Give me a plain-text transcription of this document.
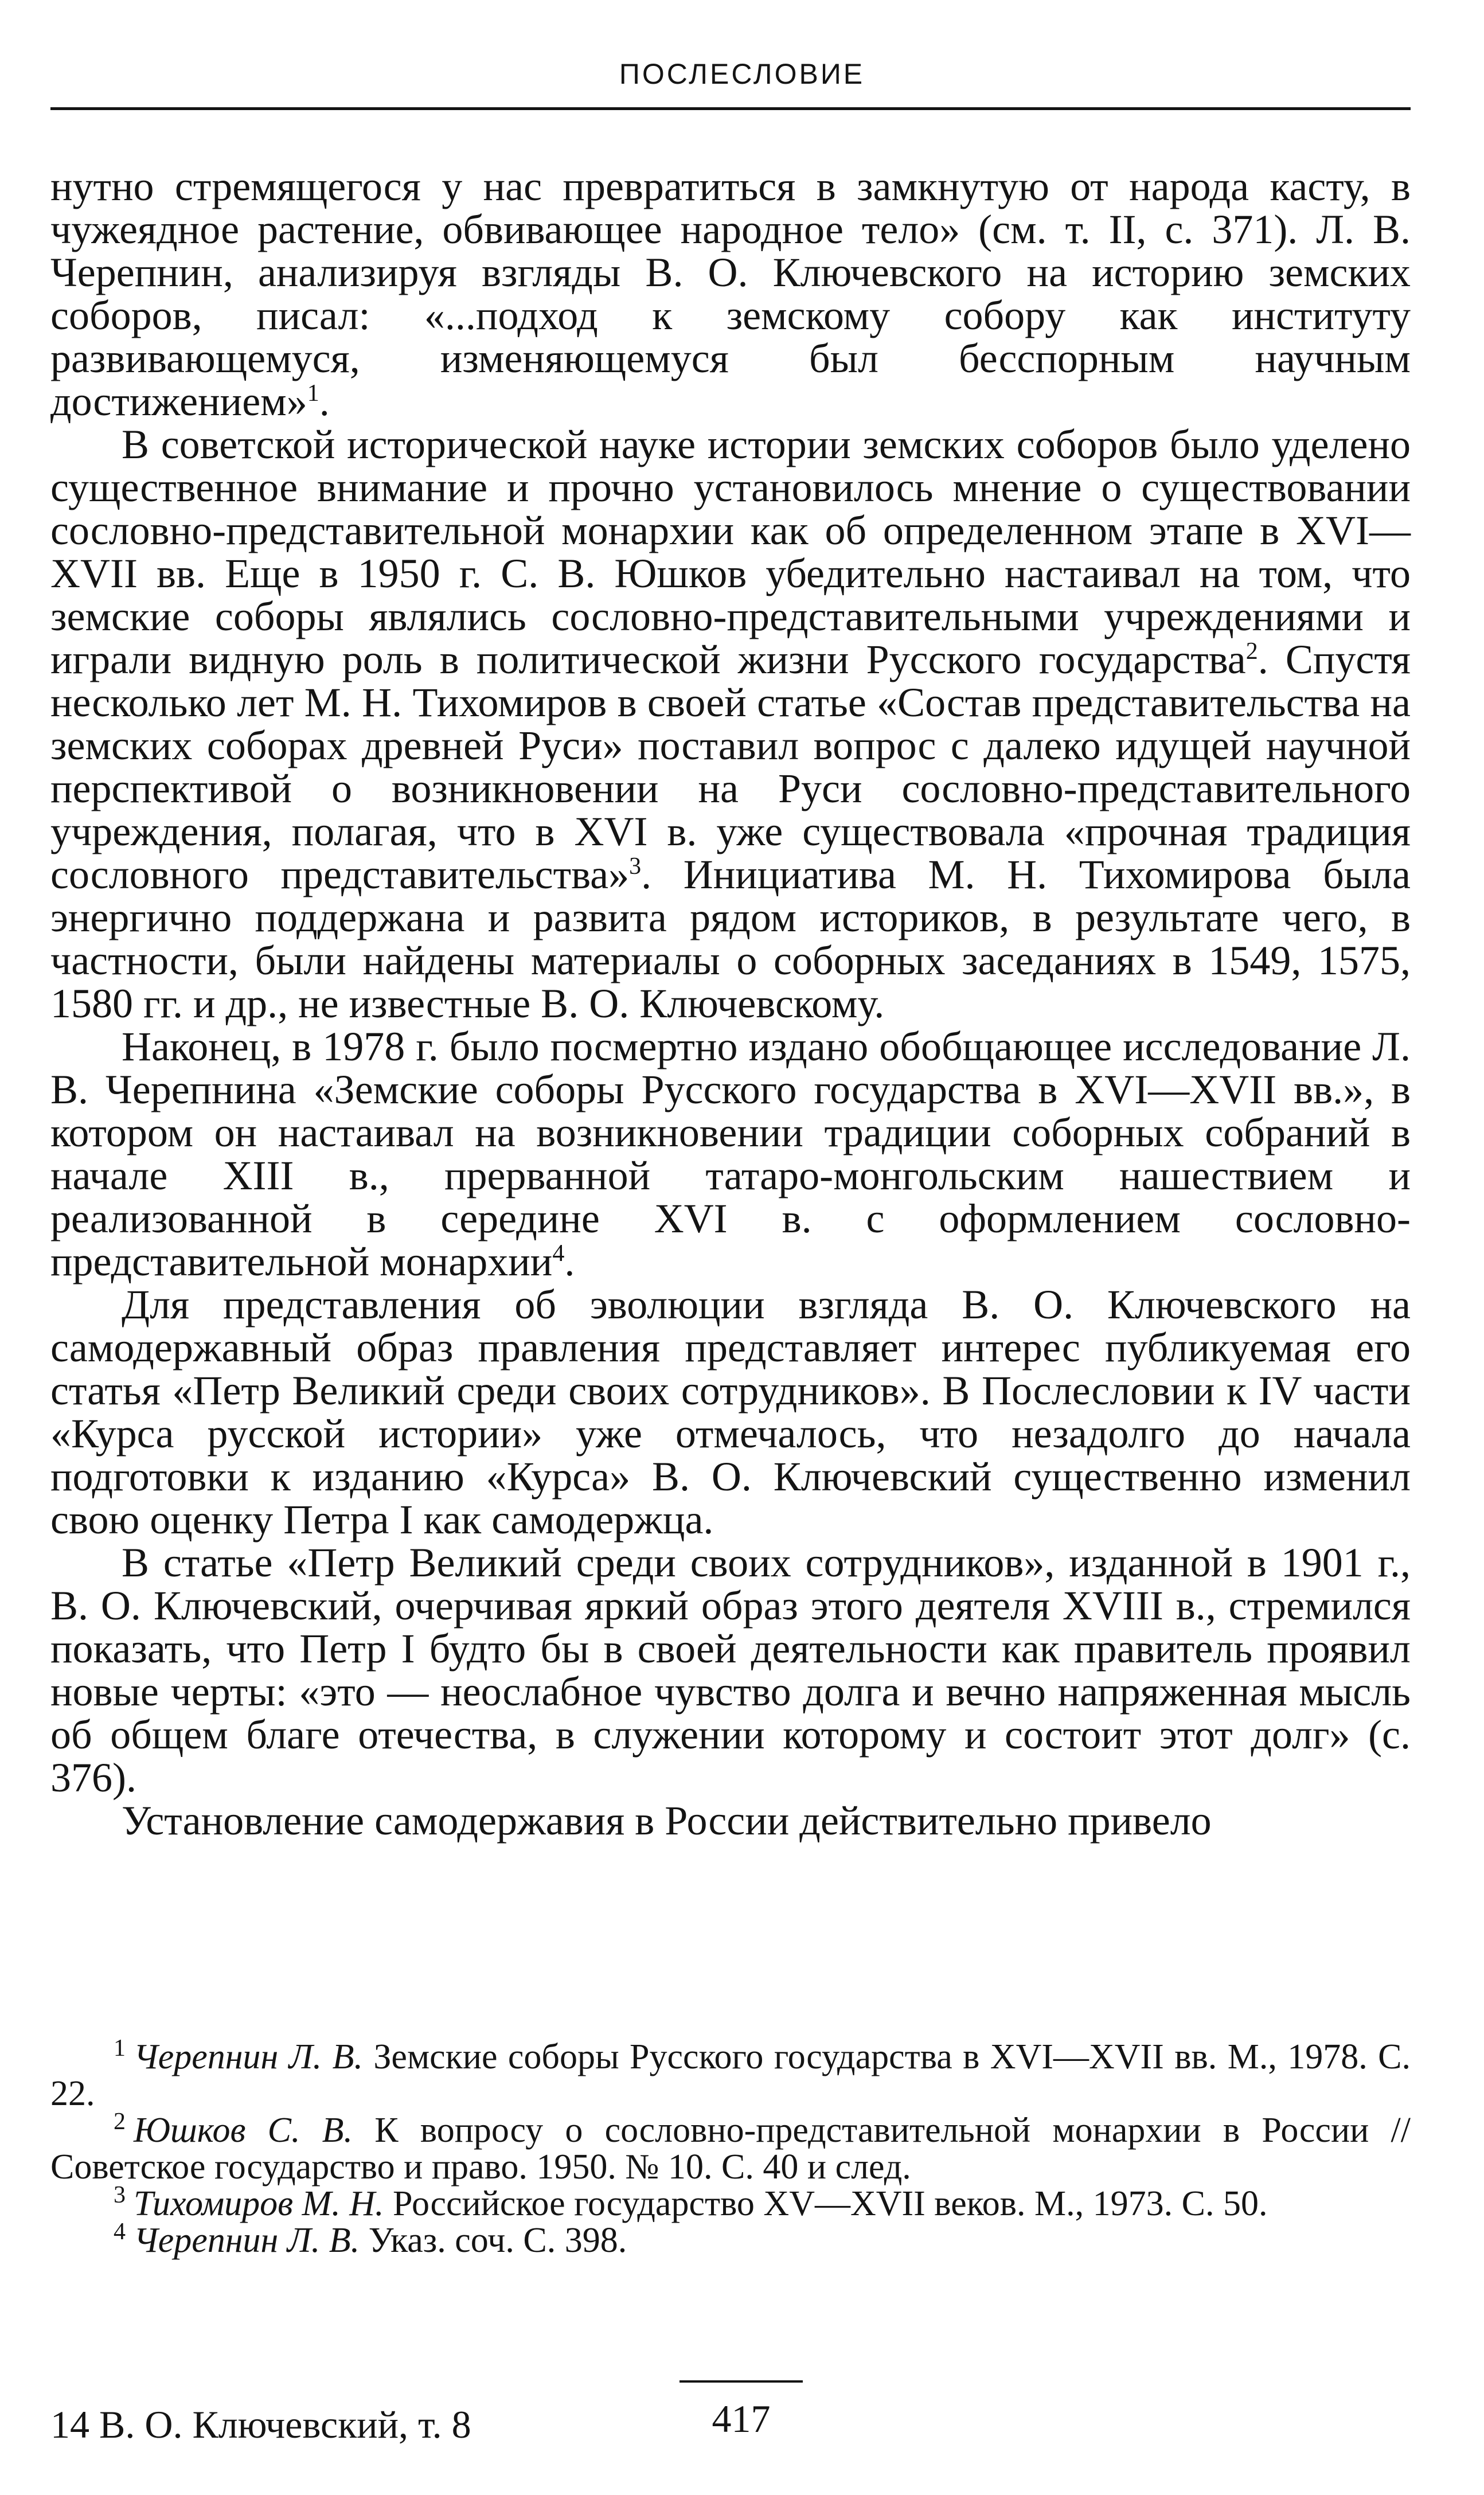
ПОСЛЕСЛОВИЕ

нутно стремящегося у нас превратиться в замкнутую от народа касту, в чужеядное растение, обвивающее народное тело» (см. т. II, с. 371). Л. В. Черепнин, анализируя взгляды В. О. Ключевского на историю земских соборов, писал: «...подход к земскому собору как институту развивающемуся, изменяющемуся был бесспорным научным достижением»$^1$.

В советской исторической науке истории земских соборов было уделено существенное внимание и прочно установилось мнение о существовании сословно-представительной монархии как об определенном этапе в XVI—XVII вв. Еще в 1950 г. С. В. Юшков убедительно настаивал на том, что земские соборы являлись сословно-представительными учреждениями и играли видную роль в политической жизни Русского государства$^2$. Спустя несколько лет М. Н. Тихомиров в своей статье «Состав представительства на земских соборах древней Руси» поставил вопрос с далеко идущей научной перспективой о возникновении на Руси сословно-представительного учреждения, полагая, что в XVI в. уже существовала «прочная традиция сословного представительства»$^3$. Инициатива М. Н. Тихомирова была энергично поддержана и развита рядом историков, в результате чего, в частности, были найдены материалы о соборных заседаниях в 1549, 1575, 1580 гг. и др., не известные В. О. Ключевскому.

Наконец, в 1978 г. было посмертно издано обобщающее исследование Л. В. Черепнина «Земские соборы Русского государства в XVI—XVII вв.», в котором он настаивал на возникновении традиции соборных собраний в начале XIII в., прерванной татаро-монгольским нашествием и реализованной в середине XVI в. с оформлением сословно-представительной монархии$^4$.

Для представления об эволюции взгляда В. О. Ключевского на самодержавный образ правления представляет интерес публикуемая его статья «Петр Великий среди своих сотрудников». В Послесловии к IV части «Курса русской истории» уже отмечалось, что незадолго до начала подготовки к изданию «Курса» В. О. Ключевский существенно изменил свою оценку Петра I как самодержца.

В статье «Петр Великий среди своих сотрудников», изданной в 1901 г., В. О. Ключевский, очерчивая яркий образ этого деятеля XVIII в., стремился показать, что Петр I будто бы в своей деятельности как правитель проявил новые черты: «это — неослабное чувство долга и вечно напряженная мысль об общем благе отечества, в служении которому и состоит этот долг» (с. 376).

Установление самодержавия в России действительно привело

$^1$ Черепнин Л. В. Земские соборы Русского государства в XVI—XVII вв. М., 1978. С. 22.

$^2$ Юшков С. В. К вопросу о сословно-представительной монархии в России // Советское государство и право. 1950. № 10. С. 40 и след.

$^3$ Тихомиров М. Н. Российское государство XV—XVII веков. М., 1973. С. 50.

$^4$ Черепнин Л. В. Указ. соч. С. 398.

14 В. О. Ключевский, т. 8	417
